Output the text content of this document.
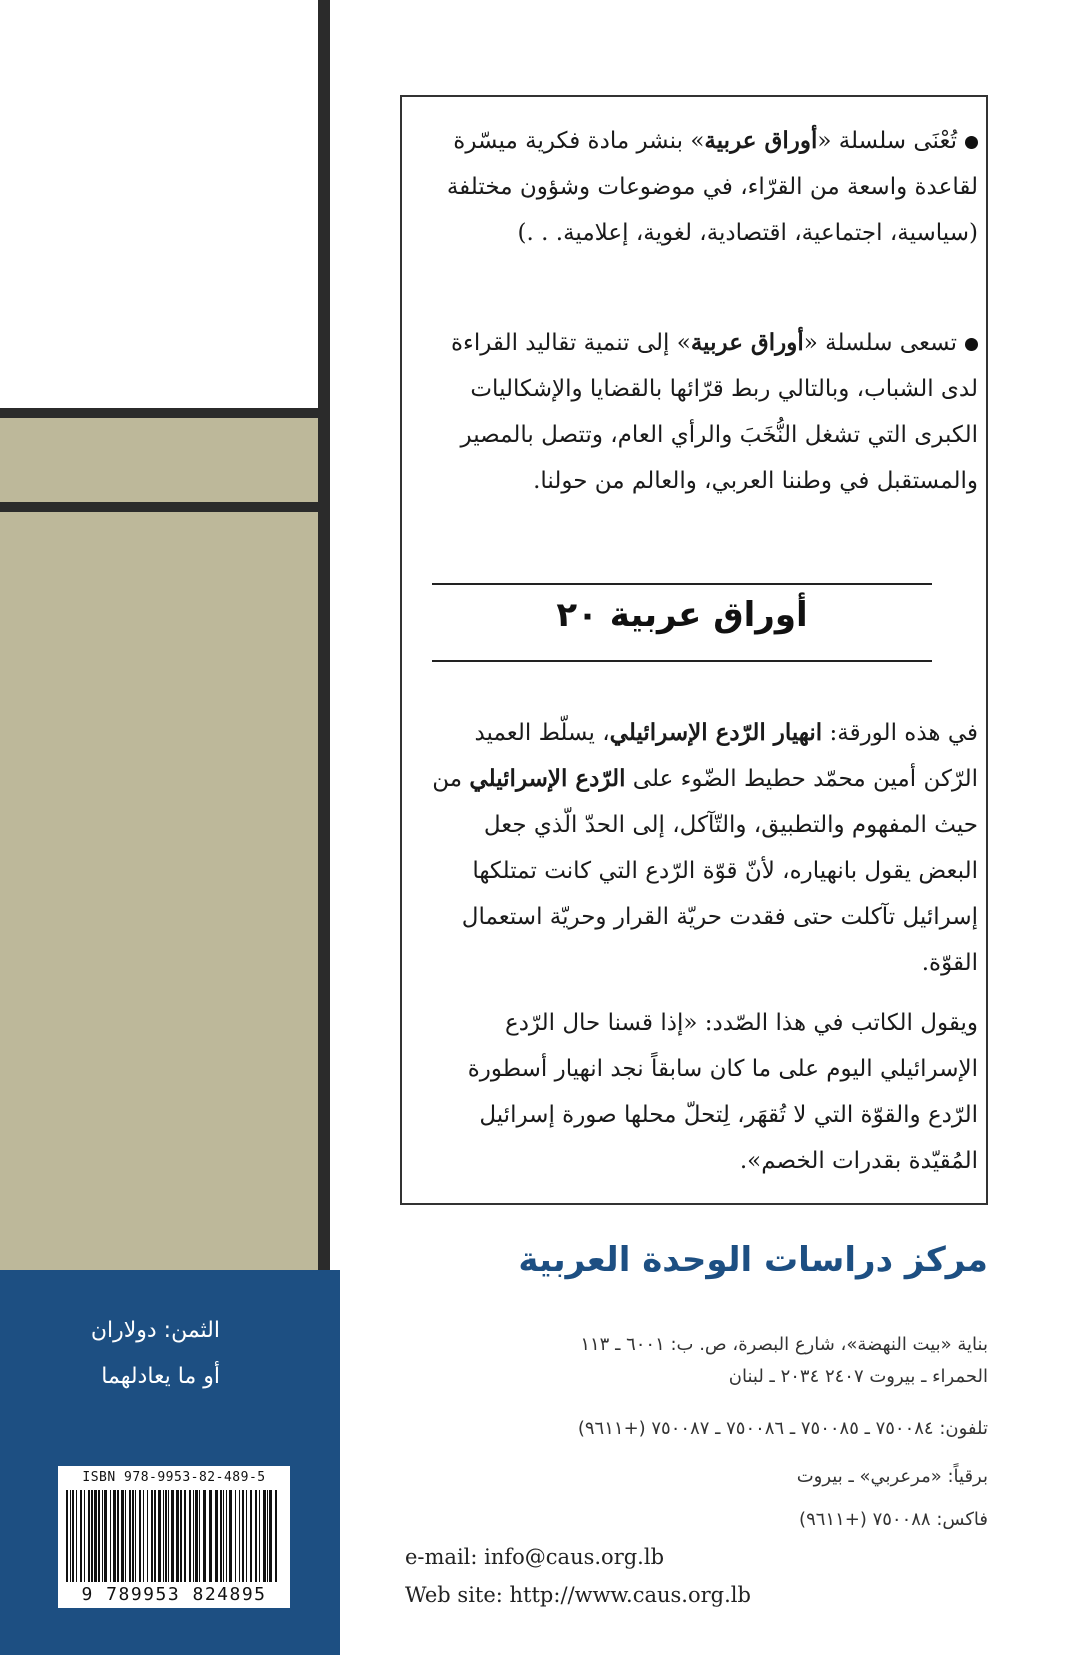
الثمن: دولاران
أو ما يعادلهما
ISBN 978-9953-82-489-5
9 789953 824895
تُعْنَى سلسلة «أوراق عربية» بنشر مادة فكرية ميسّرة لقاعدة واسعة من القرّاء، في موضوعات وشؤون مختلفة (سياسية، اجتماعية، اقتصادية، لغوية، إعلامية. . .)
تسعى سلسلة «أوراق عربية» إلى تنمية تقاليد القراءة لدى الشباب، وبالتالي ربط قرّائها بالقضايا والإشكاليات الكبرى التي تشغل النُّخَبَ والرأي العام، وتتصل بالمصير والمستقبل في وطننا العربي، والعالم من حولنا.
أوراق عربية ٢٠
في هذه الورقة: انهيار الرّدع الإسرائيلي، يسلّط العميد الرّكن أمين محمّد حطيط الضّوء على الرّدع الإسرائيلي من حيث المفهوم والتطبيق، والتّآكل، إلى الحدّ الّذي جعل البعض يقول بانهياره، لأنّ قوّة الرّدع التي كانت تمتلكها إسرائيل تآكلت حتى فقدت حريّة القرار وحريّة استعمال القوّة.
ويقول الكاتب في هذا الصّدد: «إذا قسنا حال الرّدع الإسرائيلي اليوم على ما كان سابقاً نجد انهيار أسطورة الرّدع والقوّة التي لا تُقهَر، لِتحلّ محلها صورة إسرائيل المُقيّدة بقدرات الخصم».
مركز دراسات الوحدة العربية
بناية «بيت النهضة»، شارع البصرة، ص. ب: ٦٠٠١ ـ ١١٣
الحمراء ـ بيروت ٢٤٠٧ ٢٠٣٤ ـ لبنان
تلفون: ٧٥٠٠٨٤ ـ ٧٥٠٠٨٥ ـ ٧٥٠٠٨٦ ـ ٧٥٠٠٨٧ (+٩٦١١)
برقياً: «مرعربي» ـ بيروت
فاكس: ٧٥٠٠٨٨ (+٩٦١١)
e-mail: info@caus.org.lb
Web site: http://www.caus.org.lb
